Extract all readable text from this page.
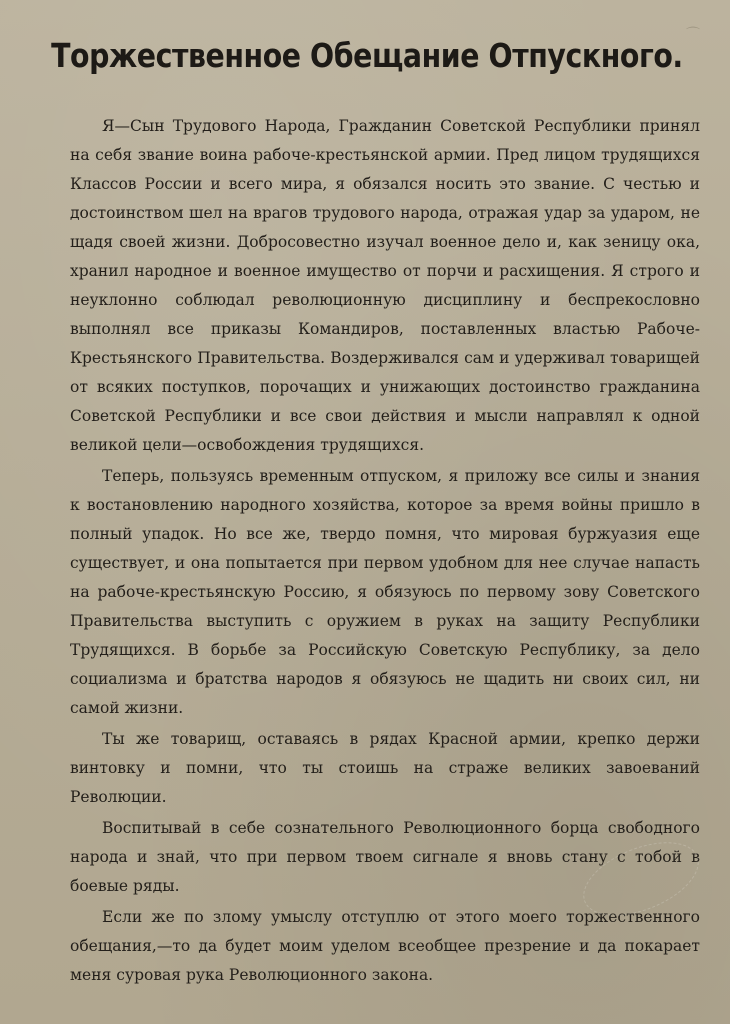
⌒
Торжественное Обещание Отпускного.

Я—Сын Трудового Народа, Гражданин Советской Республики принял на себя звание воина рабоче-крестьянской армии. Пред лицом трудящихся Классов России и всего мира, я обязался носить это звание. С честью и достоинством шел на врагов трудового народа, отражая удар за ударом, не щадя своей жизни. Добросовестно изучал военное дело и, как зеницу ока, хранил народное и военное имущество от порчи и расхищения. Я строго и неуклонно соблюдал революционную дисциплину и беспрекословно выполнял все приказы Командиров, поставленных властью Рабоче-Крестьянского Правительства. Воздерживался сам и удерживал товарищей от всяких поступков, порочащих и унижающих достоинство гражданина Советской Республики и все свои действия и мысли направлял к одной великой цели—освобождения трудящихся.

Теперь, пользуясь временным отпуском, я приложу все силы и знания к востановлению народного хозяйства, которое за время войны пришло в полный упадок. Но все же, твердо помня, что мировая буржуазия еще существует, и она попытается при первом удобном для нее случае напасть на рабоче-крестьянскую Россию, я обязуюсь по первому зову Советского Правительства выступить с оружием в руках на защиту Республики Трудящихся. В борьбе за Российскую Советскую Республику, за дело социализма и братства народов я обязуюсь не щадить ни своих сил, ни самой жизни.

Ты же товарищ, оставаясь в рядах Красной армии, крепко держи винтовку и помни, что ты стоишь на страже великих завоеваний Революции.

Воспитывай в себе сознательного Революционного борца свободного народа и знай, что при первом твоем сигнале я вновь стану с тобой в боевые ряды.

Если же по злому умыслу отступлю от этого моего торжественного обещания,—то да будет моим уделом всеобщее презрение и да покарает меня суровая рука Революционного закона.
